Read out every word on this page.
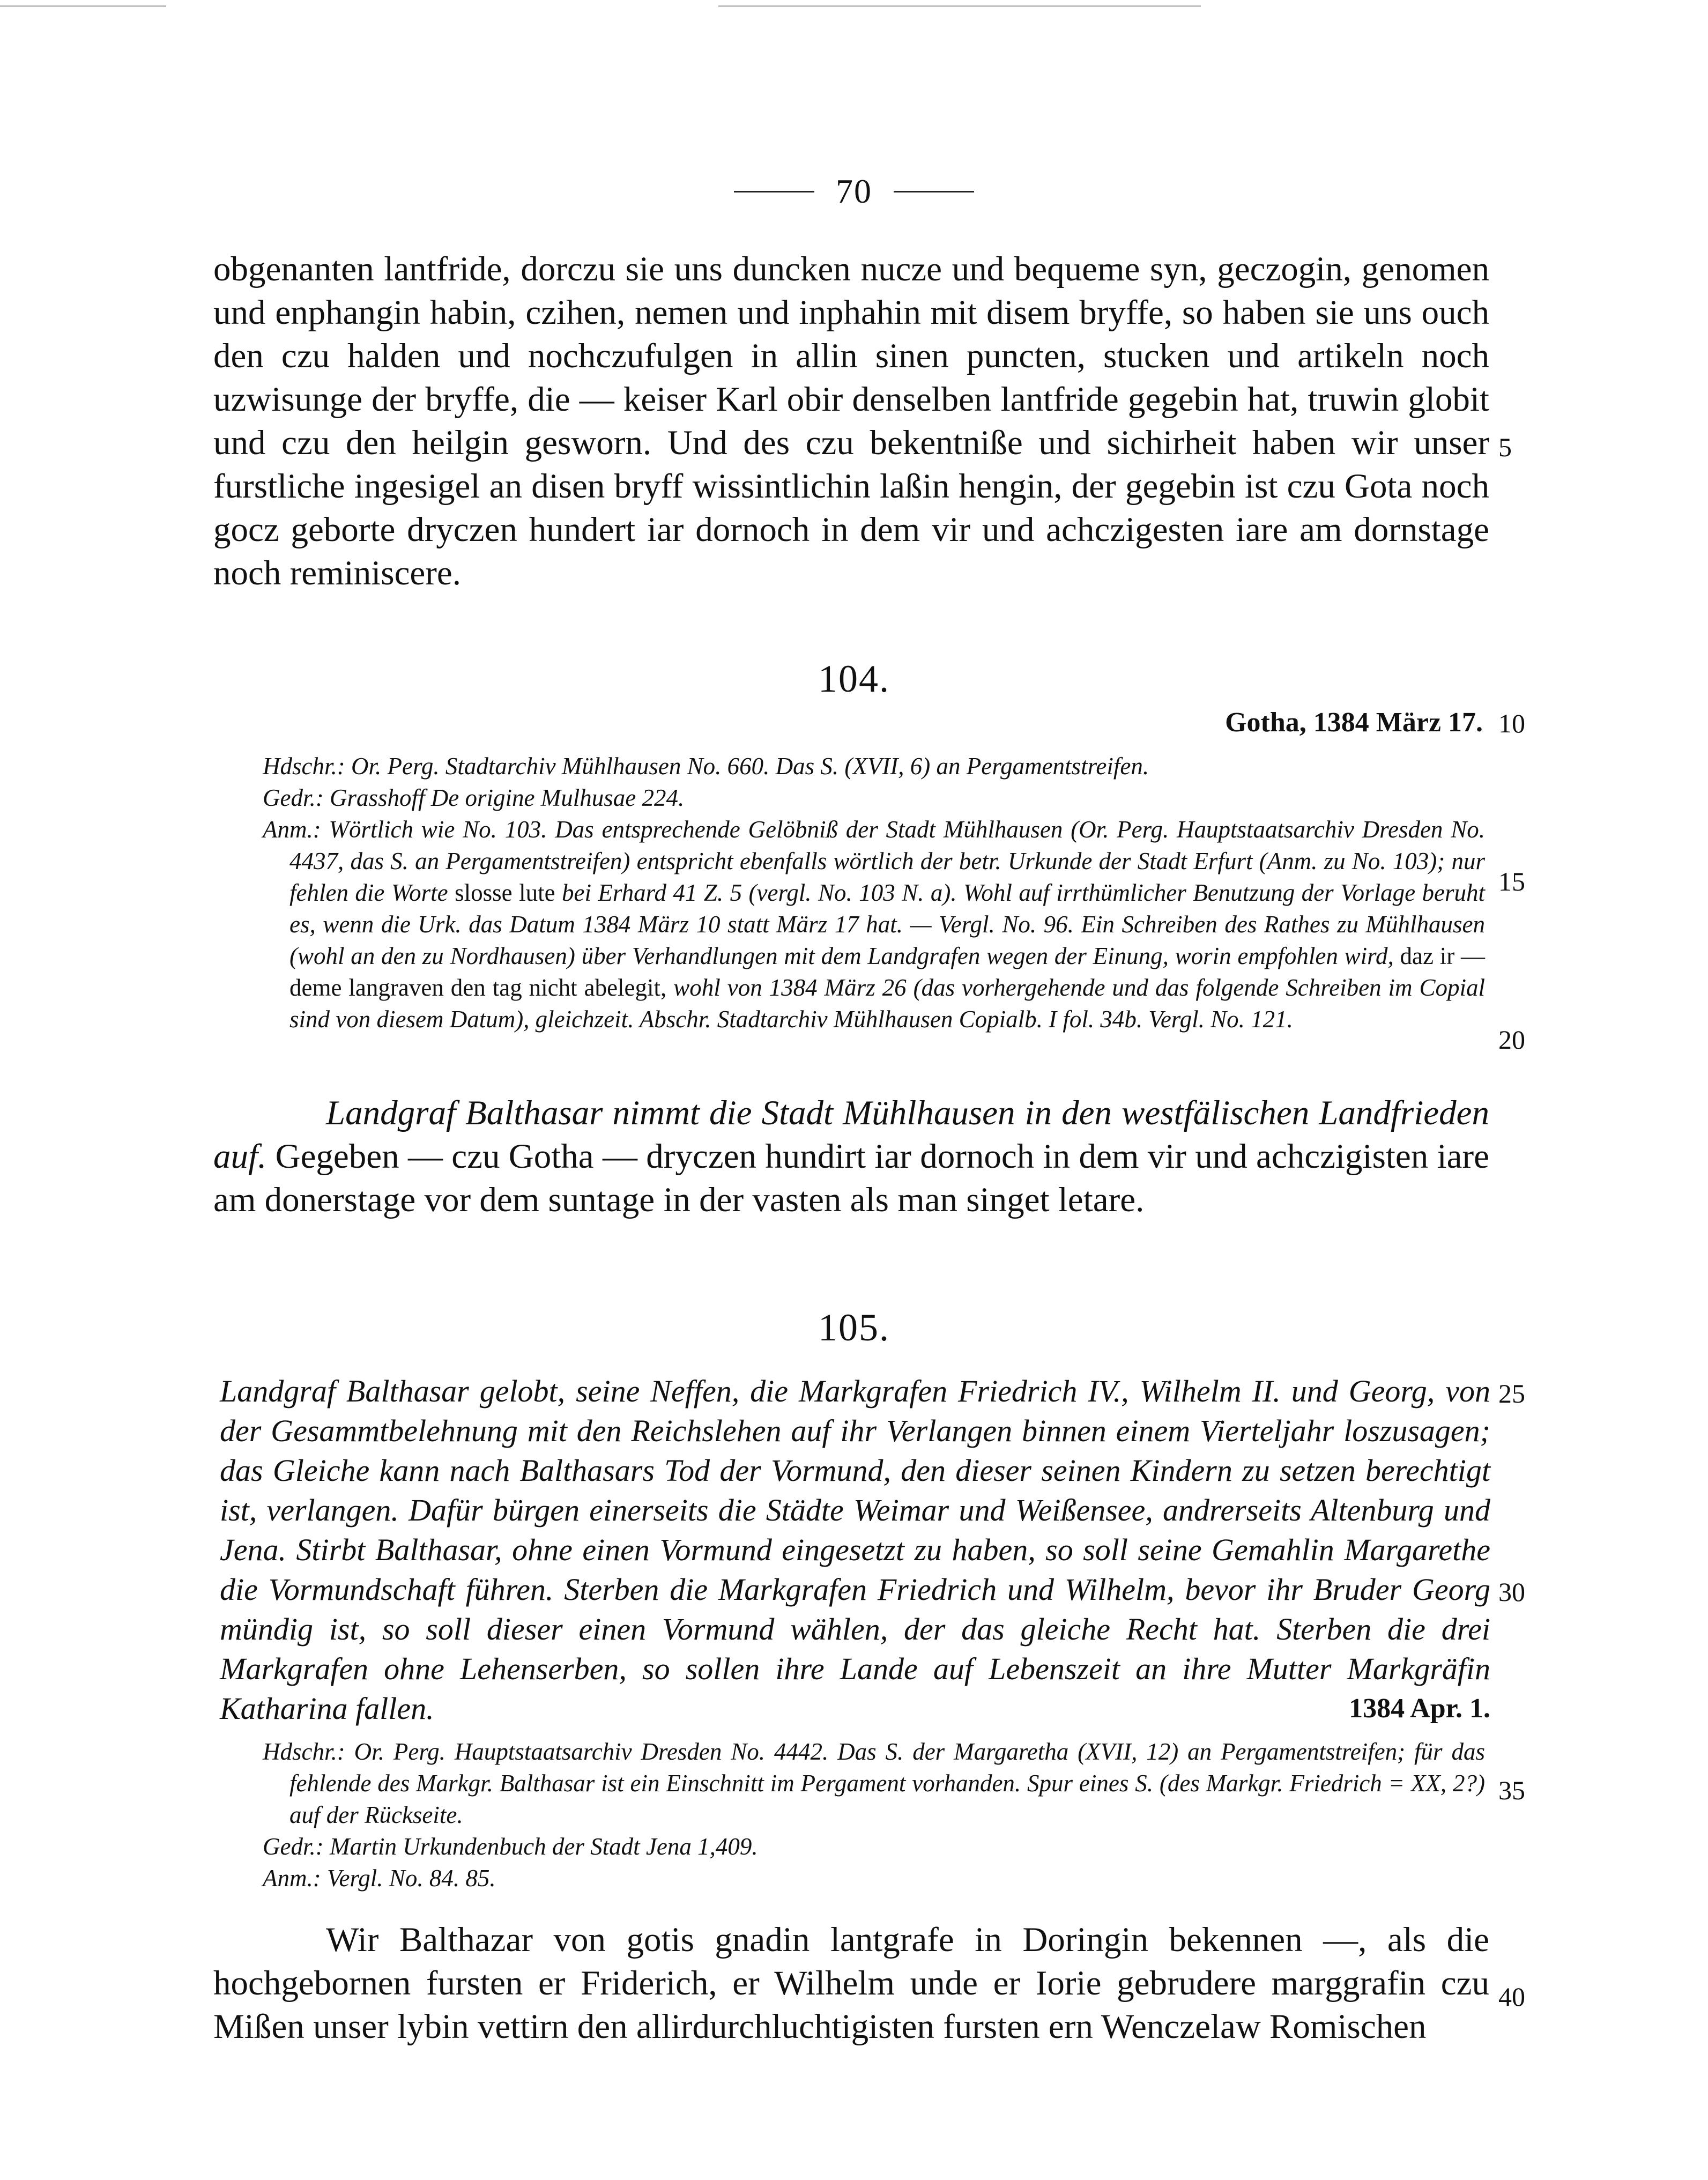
70

obgenanten lantfride, dorczu sie uns duncken nucze und bequeme syn, geczogin, genomen und enphangin habin, czihen, nemen und inphahin mit disem bryffe, so haben sie uns ouch den czu halden und nochczufulgen in allin sinen puncten, stucken und artikeln noch uzwisunge der bryffe, die — keiser Karl obir denselben lantfride gegebin hat, truwin globit und czu den heilgin gesworn. Und des czu bekentniße und sichirheit haben wir unser furstliche ingesigel an disen bryff wissintlichin laßin hengin, der gegebin ist czu Gota noch gocz geborte dryczen hundert iar dornoch in dem vir und achczigesten iare am dornstage noch reminiscere.

104.
Gotha, 1384 März 17.

Hdschr.: Or. Perg. Stadtarchiv Mühlhausen No. 660. Das S. (XVII, 6) an Pergamentstreifen.

Gedr.: Grasshoff De origine Mulhusae 224.

Anm.: Wörtlich wie No. 103. Das entsprechende Gelöbniß der Stadt Mühlhausen (Or. Perg. Hauptstaatsarchiv Dresden No. 4437, das S. an Pergamentstreifen) entspricht ebenfalls wörtlich der betr. Urkunde der Stadt Erfurt (Anm. zu No. 103); nur fehlen die Worte slosse lute bei Erhard 41 Z. 5 (vergl. No. 103 N. a). Wohl auf irrthümlicher Benutzung der Vorlage beruht es, wenn die Urk. das Datum 1384 März 10 statt März 17 hat. — Vergl. No. 96. Ein Schreiben des Rathes zu Mühlhausen (wohl an den zu Nordhausen) über Verhandlungen mit dem Landgrafen wegen der Einung, worin empfohlen wird, daz ir — deme langraven den tag nicht abelegit, wohl von 1384 März 26 (das vorhergehende und das folgende Schreiben im Copial sind von diesem Datum), gleichzeit. Abschr. Stadtarchiv Mühlhausen Copialb. I fol. 34b. Vergl. No. 121.

Landgraf Balthasar nimmt die Stadt Mühlhausen in den westfälischen Landfrieden auf. Gegeben — czu Gotha — dryczen hundirt iar dornoch in dem vir und achczigisten iare am donerstage vor dem suntage in der vasten als man singet letare.

105.
Landgraf Balthasar gelobt, seine Neffen, die Markgrafen Friedrich IV., Wilhelm II. und Georg, von der Gesammtbelehnung mit den Reichslehen auf ihr Verlangen binnen einem Vierteljahr loszusagen; das Gleiche kann nach Balthasars Tod der Vormund, den dieser seinen Kindern zu setzen berechtigt ist, verlangen. Dafür bürgen einerseits die Städte Weimar und Weißensee, andrerseits Altenburg und Jena. Stirbt Balthasar, ohne einen Vormund eingesetzt zu haben, so soll seine Gemahlin Margarethe die Vormundschaft führen. Sterben die Markgrafen Friedrich und Wilhelm, bevor ihr Bruder Georg mündig ist, so soll dieser einen Vormund wählen, der das gleiche Recht hat. Sterben die drei Markgrafen ohne Lehenserben, so sollen ihre Lande auf Lebenszeit an ihre Mutter Markgräfin Katharina fallen.	1384 Apr. 1.

Hdschr.: Or. Perg. Hauptstaatsarchiv Dresden No. 4442. Das S. der Margaretha (XVII, 12) an Pergamentstreifen; für das fehlende des Markgr. Balthasar ist ein Einschnitt im Pergament vorhanden. Spur eines S. (des Markgr. Friedrich = XX, 2?) auf der Rückseite.

Gedr.: Martin Urkundenbuch der Stadt Jena 1,409.

Anm.: Vergl. No. 84. 85.

Wir Balthazar von gotis gnadin lantgrafe in Doringin bekennen —, als die hochgebornen fursten er Friderich, er Wilhelm unde er Iorie gebrudere marggrafin czu Mißen unser lybin vettirn den allirdurchluchtigisten fursten ern Wenczelaw Romischen

5
10
15
20
25
30
35
40
